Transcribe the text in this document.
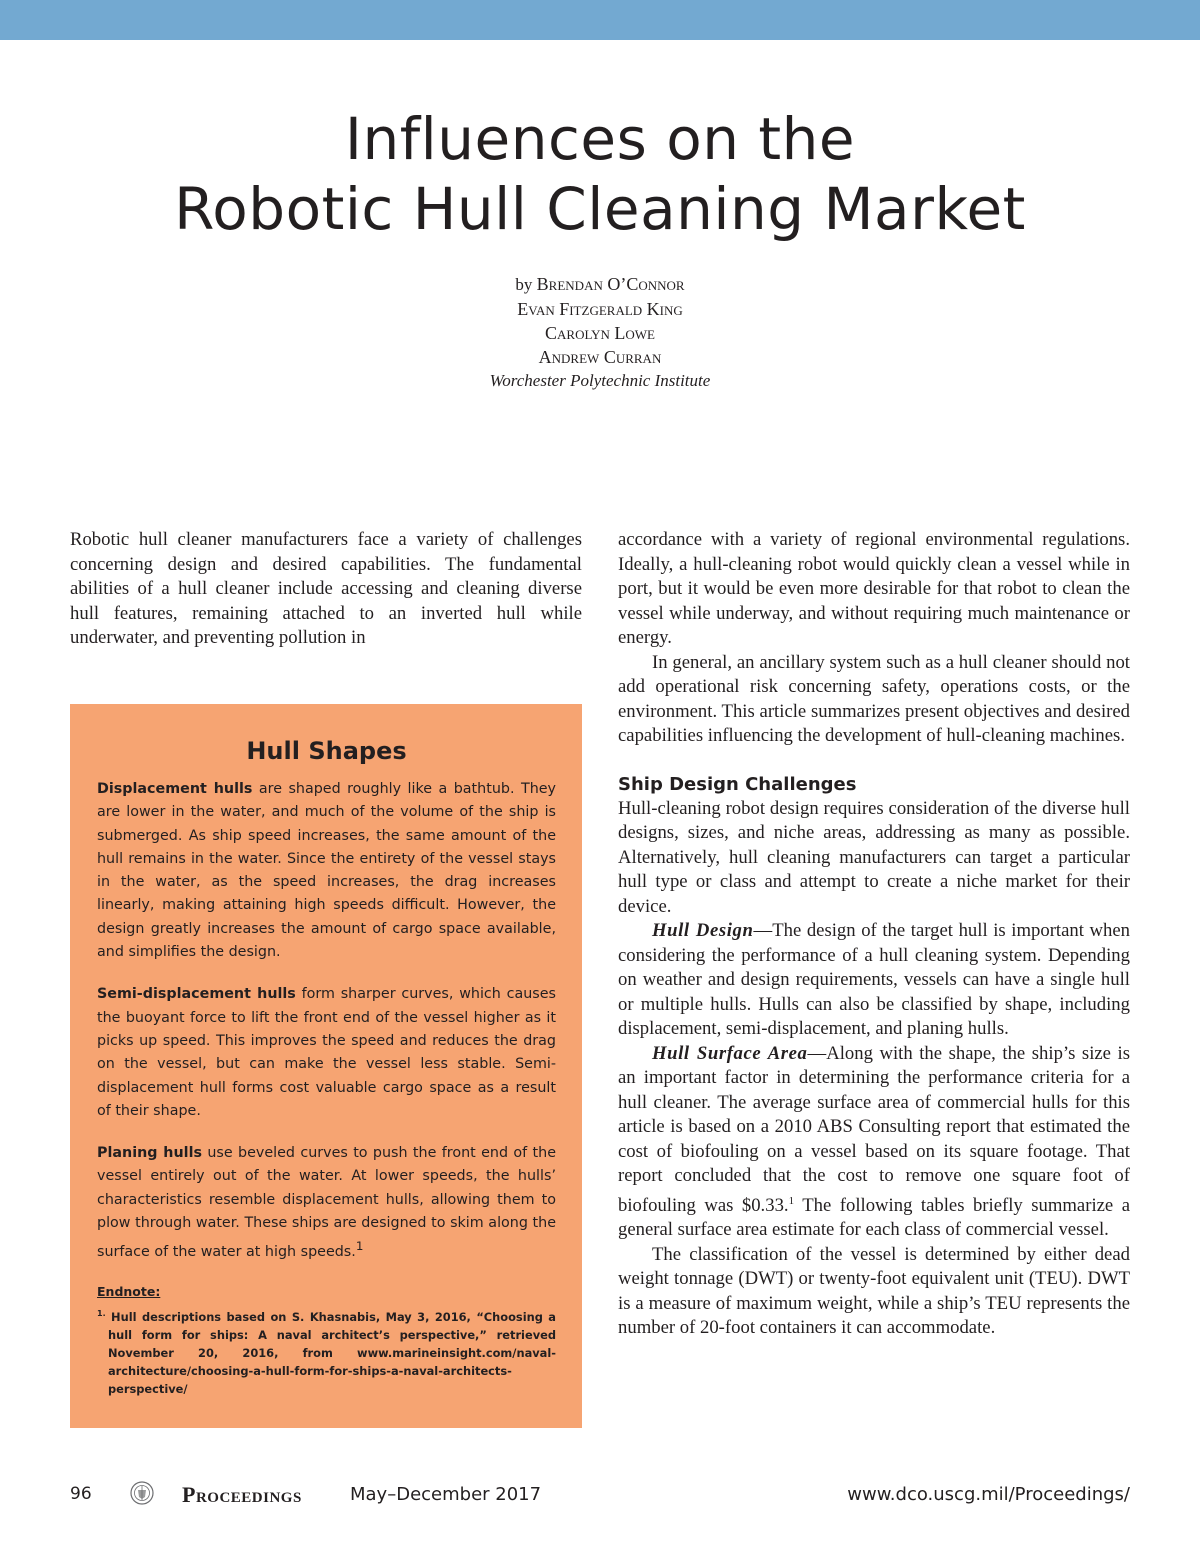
Influences on the
Robotic Hull Cleaning Market
by Brendan O’Connor
Evan Fitzgerald King
Carolyn Lowe
Andrew Curran
Worchester Polytechnic Institute

Robotic hull cleaner manufacturers face a variety of challenges concerning design and desired capabilities. The fundamental abilities of a hull cleaner include accessing and cleaning diverse hull features, remaining attached to an inverted hull while underwater, and preventing pollution in

Hull Shapes

Displacement hulls are shaped roughly like a bathtub. They are lower in the water, and much of the volume of the ship is submerged. As ship speed increases, the same amount of the hull remains in the water. Since the entirety of the vessel stays in the water, as the speed increases, the drag increases linearly, making attaining high speeds difficult. However, the design greatly increases the amount of cargo space available, and simplifies the design.

Semi-displacement hulls form sharper curves, which causes the buoyant force to lift the front end of the vessel higher as it picks up speed. This improves the speed and reduces the drag on the vessel, but can make the vessel less stable. Semi-displacement hull forms cost valuable cargo space as a result of their shape.

Planing hulls use beveled curves to push the front end of the vessel entirely out of the water. At lower speeds, the hulls’ characteristics resemble displacement hulls, allowing them to plow through water. These ships are designed to skim along the surface of the water at high speeds.$^1$

Endnote:
$^{1.}$ Hull descriptions based on S. Khasnabis, May 3, 2016, “Choosing a hull form for ships: A naval architect’s perspective,” retrieved November 20, 2016, from www.marineinsight.com/naval-architecture/choosing-a-hull-form-for-ships-a-naval-architects-perspective/

accordance with a variety of regional environmental regulations. Ideally, a hull-cleaning robot would quickly clean a vessel while in port, but it would be even more desirable for that robot to clean the vessel while underway, and without requiring much maintenance or energy.

In general, an ancillary system such as a hull cleaner should not add operational risk concerning safety, operations costs, or the environment. This article summarizes present objectives and desired capabilities influencing the development of hull-cleaning machines.

Ship Design Challenges

Hull-cleaning robot design requires consideration of the diverse hull designs, sizes, and niche areas, addressing as many as possible. Alternatively, hull cleaning manufacturers can target a particular hull type or class and attempt to create a niche market for their device.

Hull Design—The design of the target hull is important when considering the performance of a hull cleaning system. Depending on weather and design requirements, vessels can have a single hull or multiple hulls. Hulls can also be classified by shape, including displacement, semi-displacement, and planing hulls.

Hull Surface Area—Along with the shape, the ship’s size is an important factor in determining the performance criteria for a hull cleaner. The average surface area of commercial hulls for this article is based on a 2010 ABS Consulting report that estimated the cost of biofouling on a vessel based on its square footage. That report concluded that the cost to remove one square foot of biofouling was $0.33.$^1$ The following tables briefly summarize a general surface area estimate for each class of commercial vessel.

The classification of the vessel is determined by either dead weight tonnage (DWT) or twenty-foot equivalent unit (TEU). DWT is a measure of maximum weight, while a ship’s TEU represents the number of 20-foot containers it can accommodate.

96	Proceedings	May–December 2017	www.dco.uscg.mil/Proceedings/
